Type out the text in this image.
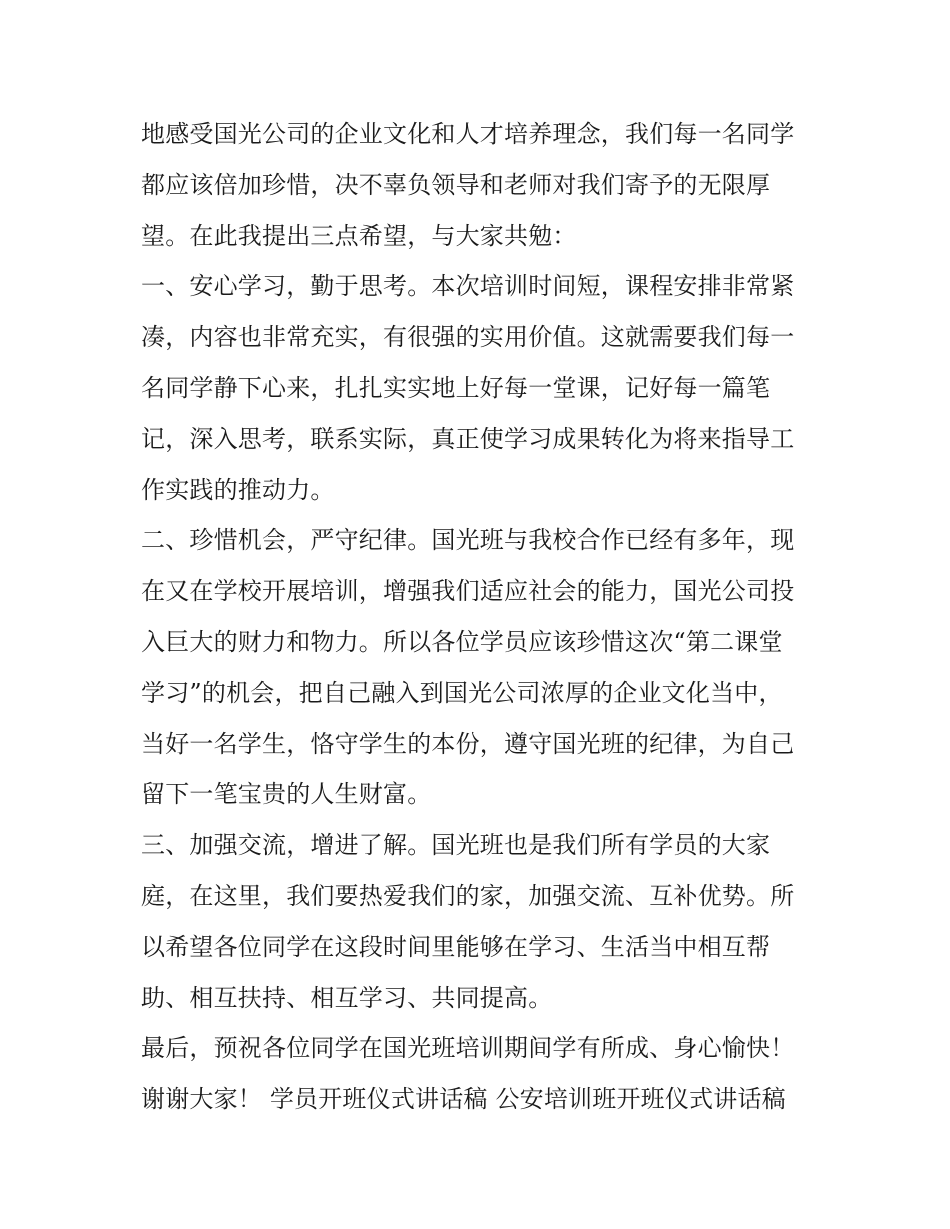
地感受国光公司的企业文化和人才培养理念，我们每一名同学
都应该倍加珍惜，决不辜负领导和老师对我们寄予的无限厚
望。在此我提出三点希望，与大家共勉：
一、安心学习，勤于思考。本次培训时间短，课程安排非常紧
凑，内容也非常充实，有很强的实用价值。这就需要我们每一
名同学静下心来，扎扎实实地上好每一堂课，记好每一篇笔
记，深入思考，联系实际，真正使学习成果转化为将来指导工
作实践的推动力。
二、珍惜机会，严守纪律。国光班与我校合作已经有多年，现
在又在学校开展培训，增强我们适应社会的能力，国光公司投
入巨大的财力和物力。所以各位学员应该珍惜这次“第二课堂
学习”的机会，把自己融入到国光公司浓厚的企业文化当中，
当好一名学生，恪守学生的本份，遵守国光班的纪律，为自己
留下一笔宝贵的人生财富。
三、加强交流，增进了解。国光班也是我们所有学员的大家
庭，在这里，我们要热爱我们的家，加强交流、互补优势。所
以希望各位同学在这段时间里能够在学习、生活当中相互帮
助、相互扶持、相互学习、共同提高。
最后，预祝各位同学在国光班培训期间学有所成、身心愉快！
谢谢大家！ 学员开班仪式讲话稿 公安培训班开班仪式讲话稿
